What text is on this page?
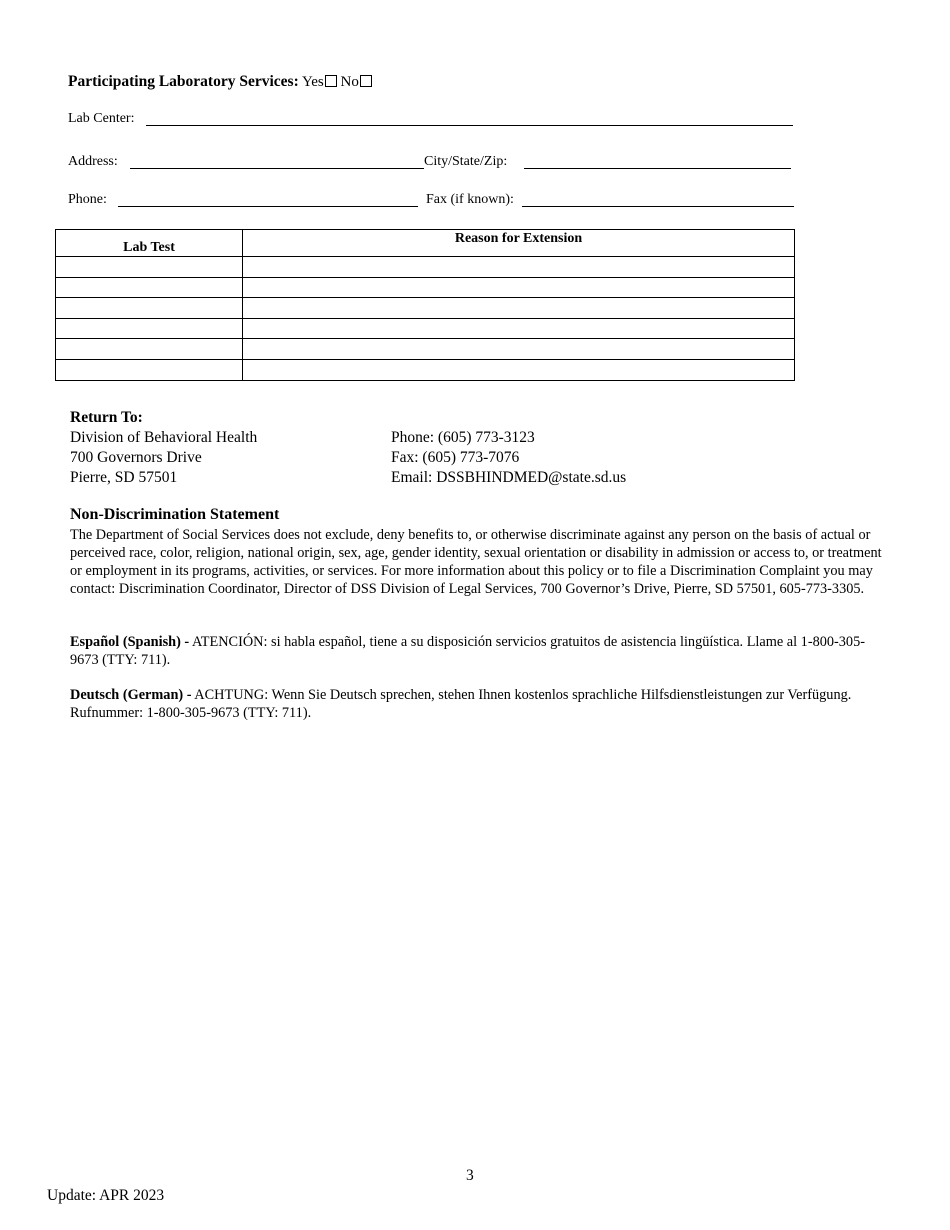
Participating Laboratory Services: Yes No
Lab Center:
Address:	City/State/Zip:
Phone:	Fax (if known):
Lab Test	Reason for Extension

Return To:
Division of Behavioral Health
700 Governors Drive
Pierre, SD 57501
Phone: (605) 773-3123
Fax: (605) 773-7076
Email: DSSBHINDMED@state.sd.us
Non-Discrimination Statement
The Department of Social Services does not exclude, deny benefits to, or otherwise discriminate against any person on the basis of actual or perceived race, color, religion, national origin, sex, age, gender identity, sexual orientation or disability in admission or access to, or treatment or employment in its programs, activities, or services. For more information about this policy or to file a Discrimination Complaint you may contact: Discrimination Coordinator, Director of DSS Division of Legal Services, 700 Governor’s Drive, Pierre, SD 57501, 605-773-3305.
Español (Spanish) - ATENCIÓN: si habla español, tiene a su disposición servicios gratuitos de asistencia lingüística. Llame al 1-800-305-9673 (TTY: 711).
Deutsch (German) - ACHTUNG: Wenn Sie Deutsch sprechen, stehen Ihnen kostenlos sprachliche Hilfsdienstleistungen zur Verfügung. Rufnummer: 1-800-305-9673 (TTY: 711).
3
Update: APR 2023
